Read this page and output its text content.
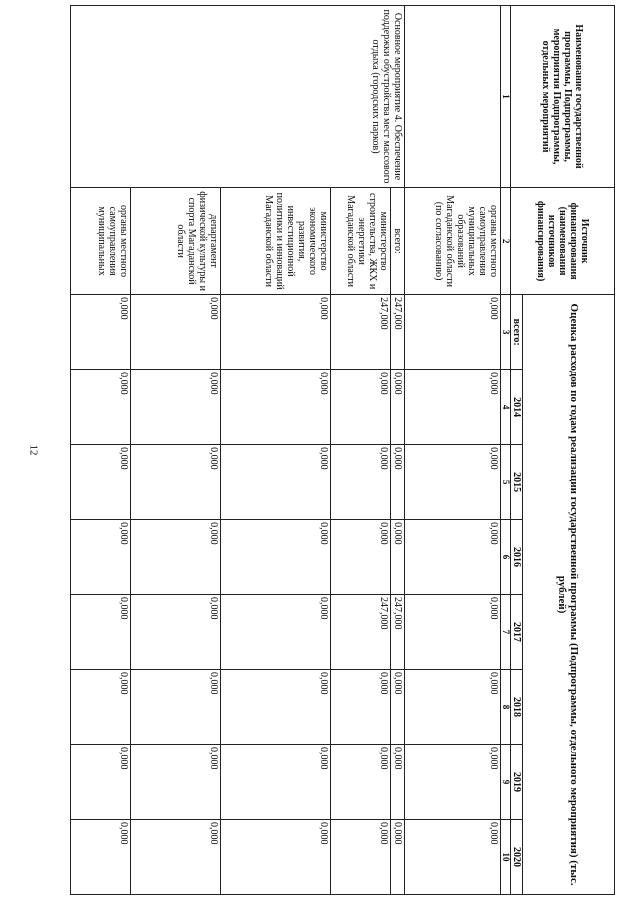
12
Наименование государственной программы, Подпрограммы, мероприятия Подпрограммы, отдельных мероприятий	Источник финансирования (наименования источников финансирования)	Оценка расходов по годам реализации государственной программы (Подпрограммы, отдельного мероприятия) (тыс. рублей)							
		всего:	2014	2015	2016	2017	2018	2019	2020
1	2	3	4	5	6	7	8	9	10
	органы местного самоуправления муниципальных образований Магаданской области (по согласованию)	0,000	0,000	0,000	0,000	0,000	0,000	0,000	0,000
Основное мероприятие 4. Обеспечение поддержки обустройства мест массового отдыха (городских парков)	всего:	247,000	0,000	0,000	0,000	247,000	0,000	0,000	0,000
	министерство строительства, ЖКХ и энергетики Магаданской области	247,000	0,000	0,000	0,000	247,000	0,000	0,000	0,000
	министерство экономического развития, инвестиционной политики и инноваций Магаданской области	0,000	0,000	0,000	0,000	0,000	0,000	0,000	0,000
	департамент физической культуры и спорта Магаданской области	0,000	0,000	0,000	0,000	0,000	0,000	0,000	0,000
	органы местного самоуправления муниципальных	0,000	0,000	0,000	0,000	0,000	0,000	0,000	0,000
